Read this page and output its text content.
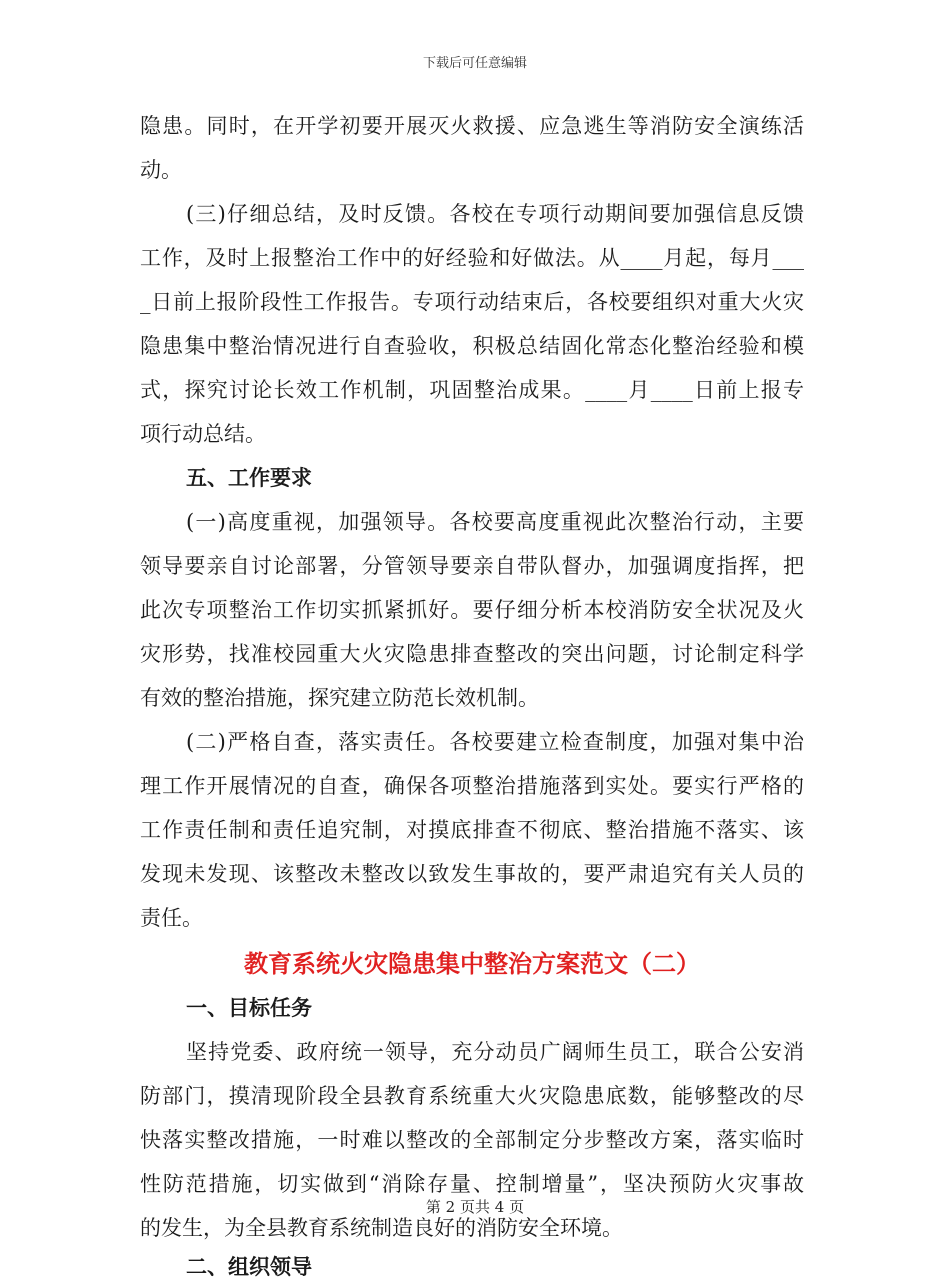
下载后可任意编辑
隐患。同时，在开学初要开展灭火救援、应急逃生等消防安全演练活
动。
(三)仔细总结，及时反馈。各校在专项行动期间要加强信息反馈
工作，及时上报整治工作中的好经验和好做法。从____月起，每月___
_日前上报阶段性工作报告。专项行动结束后，各校要组织对重大火灾
隐患集中整治情况进行自查验收，积极总结固化常态化整治经验和模
式，探究讨论长效工作机制，巩固整治成果。____月____日前上报专
项行动总结。
五、工作要求
(一)高度重视，加强领导。各校要高度重视此次整治行动，主要
领导要亲自讨论部署，分管领导要亲自带队督办，加强调度指挥，把
此次专项整治工作切实抓紧抓好。要仔细分析本校消防安全状况及火
灾形势，找准校园重大火灾隐患排查整改的突出问题，讨论制定科学
有效的整治措施，探究建立防范长效机制。
(二)严格自查，落实责任。各校要建立检查制度，加强对集中治
理工作开展情况的自查，确保各项整治措施落到实处。要实行严格的
工作责任制和责任追究制，对摸底排查不彻底、整治措施不落实、该
发现未发现、该整改未整改以致发生事故的，要严肃追究有关人员的
责任。
教育系统火灾隐患集中整治方案范文（二）
一、目标任务
坚持党委、政府统一领导，充分动员广阔师生员工，联合公安消
防部门，摸清现阶段全县教育系统重大火灾隐患底数，能够整改的尽
快落实整改措施，一时难以整改的全部制定分步整改方案，落实临时
性防范措施，切实做到“消除存量、控制增量”，坚决预防火灾事故
的发生，为全县教育系统制造良好的消防安全环境。
二、组织领导
第 2 页共 4 页
